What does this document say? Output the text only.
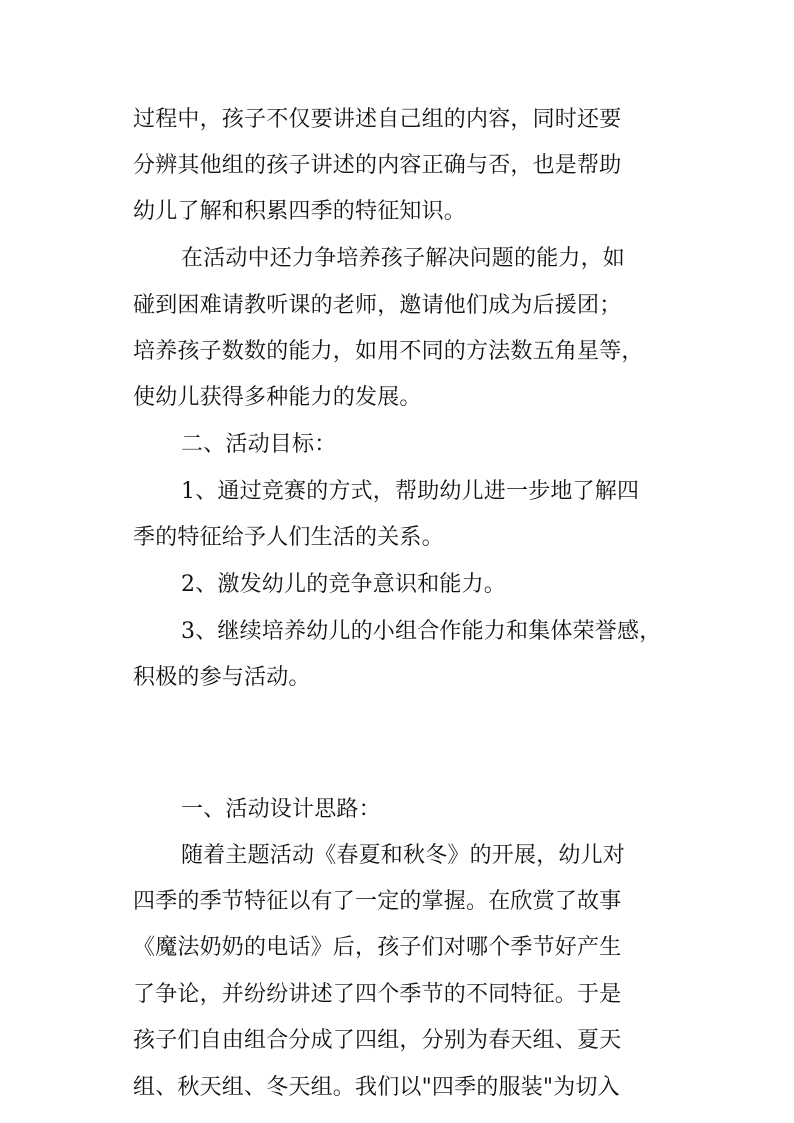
过程中，孩子不仅要讲述自己组的内容，同时还要
分辨其他组的孩子讲述的内容正确与否，也是帮助
幼儿了解和积累四季的特征知识。
在活动中还力争培养孩子解决问题的能力，如
碰到困难请教听课的老师，邀请他们成为后援团；
培养孩子数数的能力，如用不同的方法数五角星等，
使幼儿获得多种能力的发展。
二、活动目标：
1、通过竞赛的方式，帮助幼儿进一步地了解四
季的特征给予人们生活的关系。
2、激发幼儿的竞争意识和能力。
3、继续培养幼儿的小组合作能力和集体荣誉感，
积极的参与活动。
一、活动设计思路：
随着主题活动《春夏和秋冬》的开展，幼儿对
四季的季节特征以有了一定的掌握。在欣赏了故事
《魔法奶奶的电话》后，孩子们对哪个季节好产生
了争论，并纷纷讲述了四个季节的不同特征。于是
孩子们自由组合分成了四组，分别为春天组、夏天
组、秋天组、冬天组。我们以"四季的服装"为切入
